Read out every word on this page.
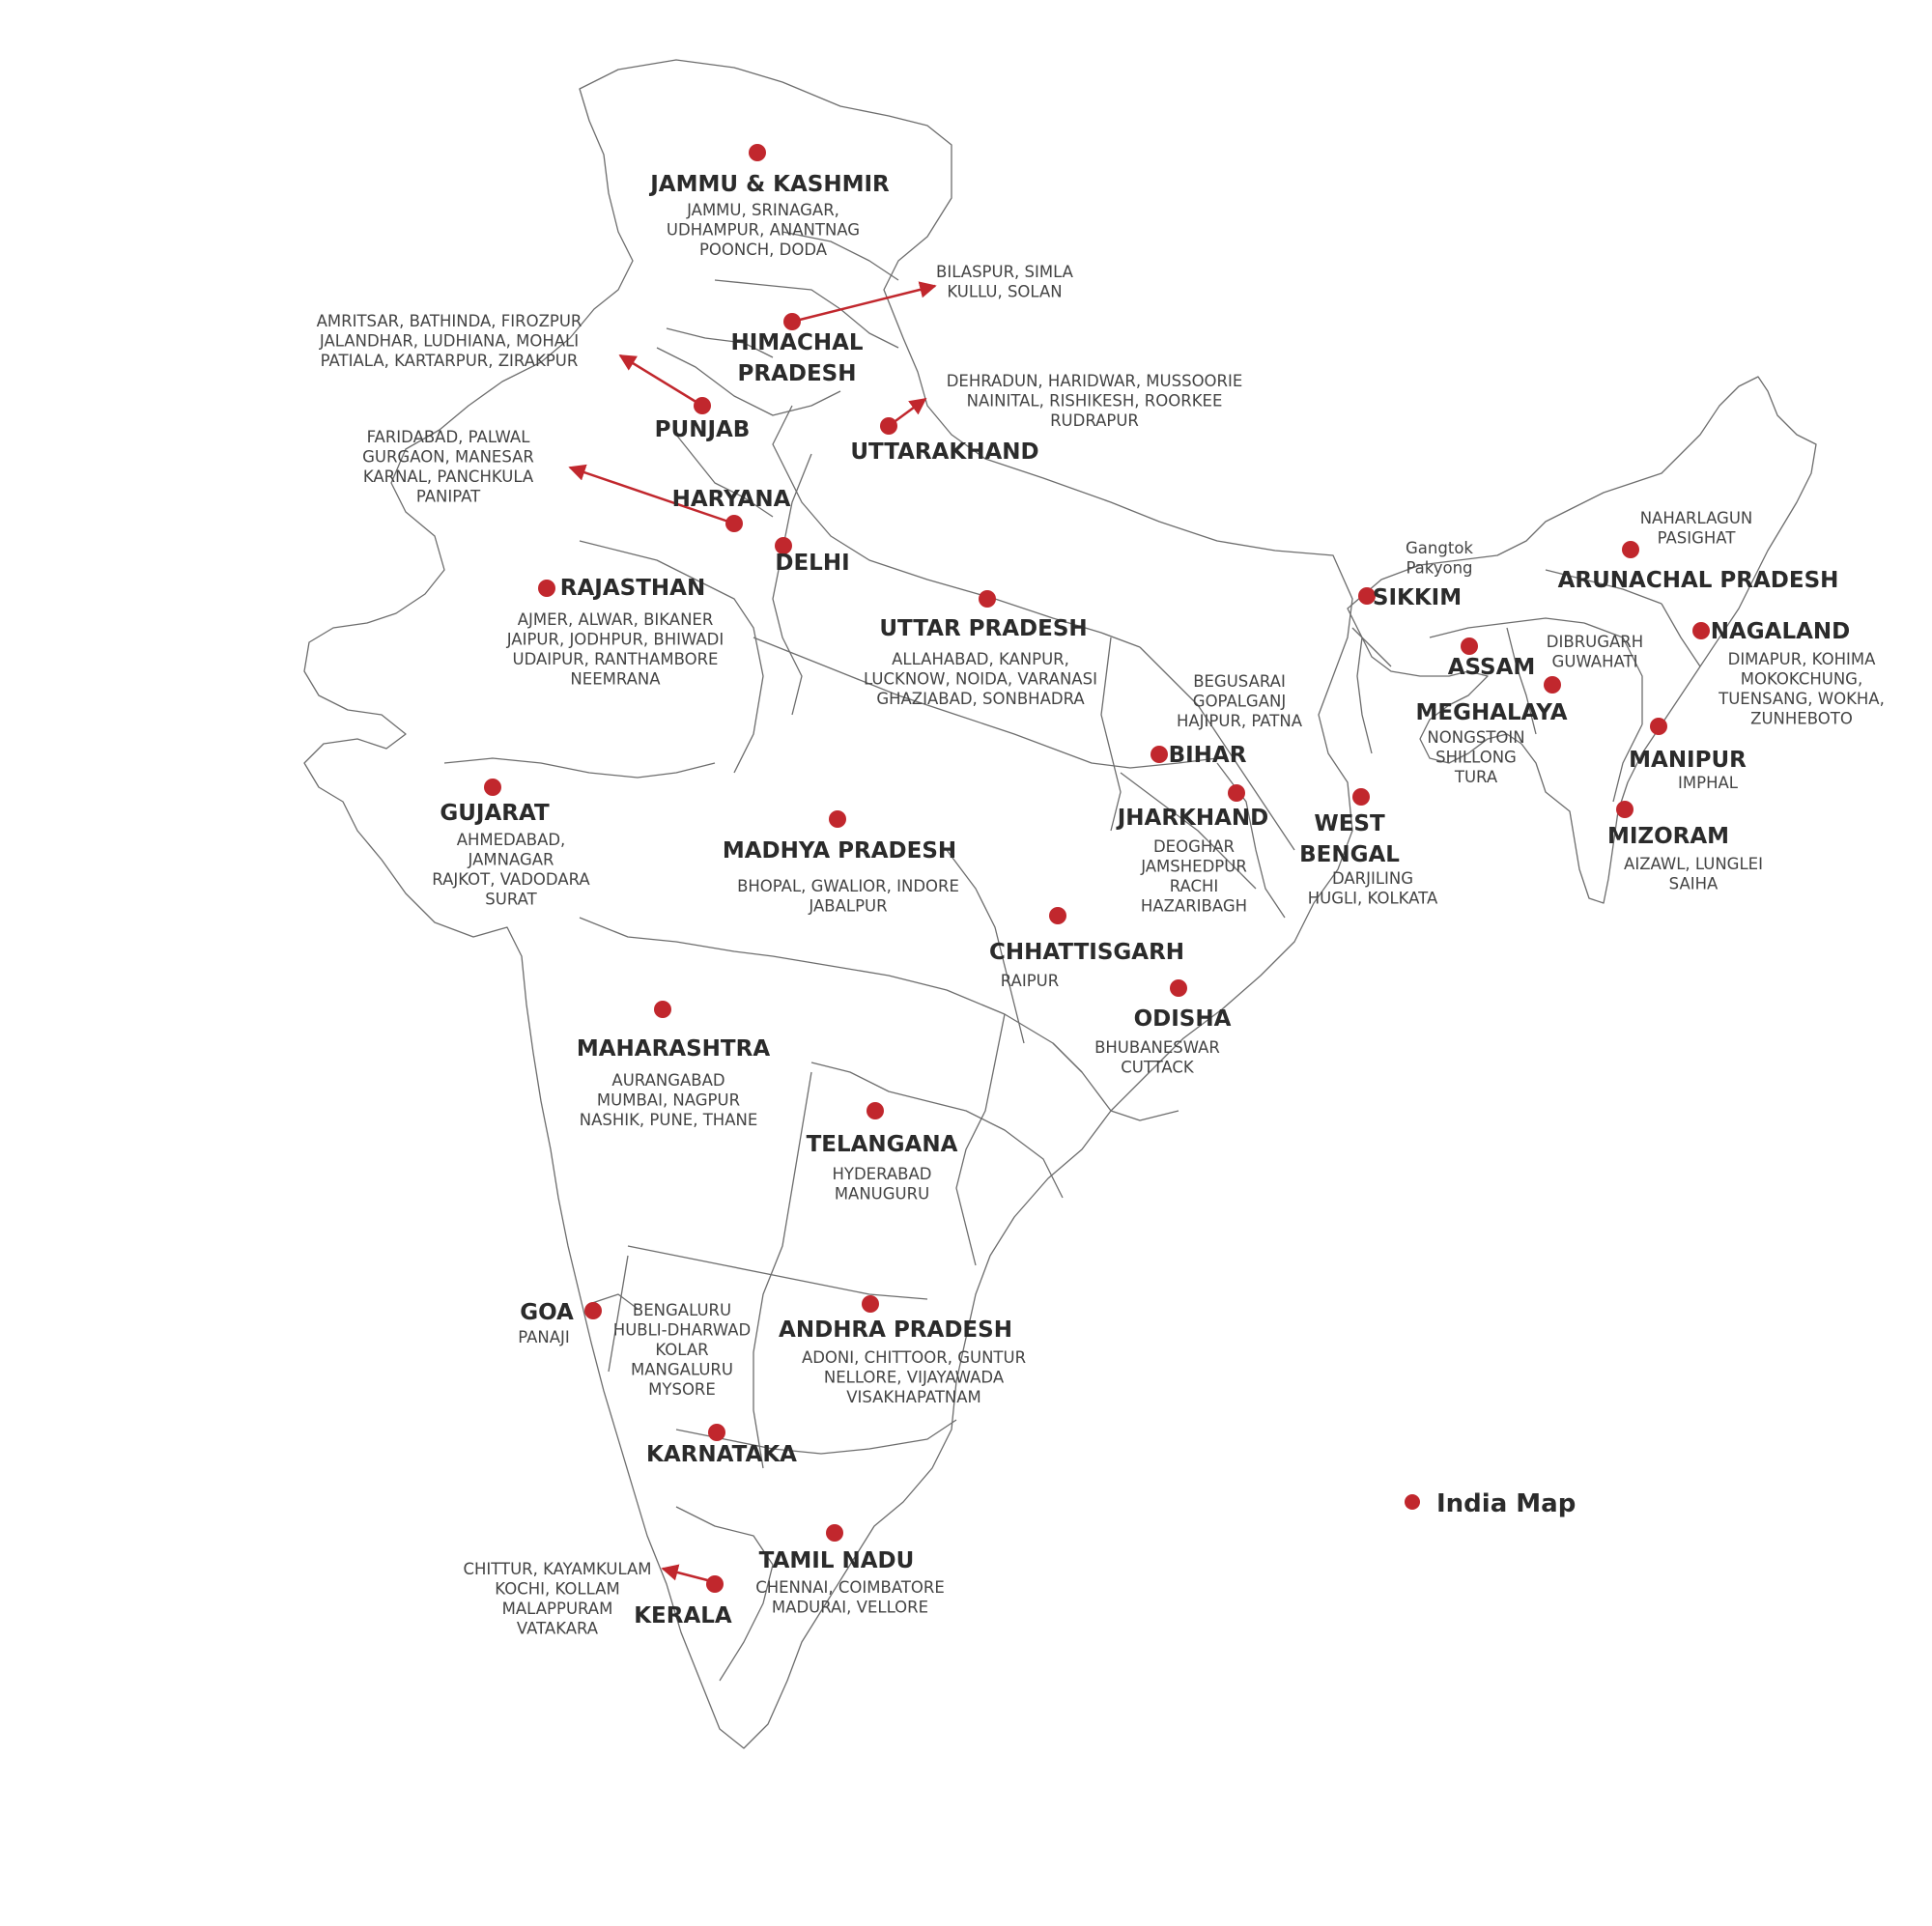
JAMMU & KASHMIR
HIMACHAL
PRADESH
PUNJAB
UTTARAKHAND
HARYANA
DELHI
RAJASTHAN
UTTAR PRADESH
SIKKIM
ARUNACHAL PRADESH
NAGALAND
ASSAM
MEGHALAYA
MANIPUR
MIZORAM
BIHAR
JHARKHAND WEST
BENGAL
GUJARAT
MADHYA PRADESH
CHHATTISGARH
ODISHA
MAHARASHTRA
TELANGANA
GOA
KARNATAKA
ANDHRA PRADESH
TAMIL NADU
KERALA
JAMMU, SRINAGAR,
UDHAMPUR, ANANTNAG
POONCH, DODA
BILASPUR, SIMLA
KULLU, SOLAN
AMRITSAR, BATHINDA, FIROZPUR
JALANDHAR, LUDHIANA, MOHALI
PATIALA, KARTARPUR, ZIRAKPUR
DEHRADUN, HARIDWAR, MUSSOORIE
NAINITAL, RISHIKESH, ROORKEE
RUDRAPUR
FARIDABAD, PALWAL
GURGAON, MANESAR
KARNAL, PANCHKULA
PANIPAT
AJMER, ALWAR, BIKANER
JAIPUR, JODHPUR, BHIWADI
UDAIPUR, RANTHAMBORE
NEEMRANA
ALLAHABAD, KANPUR,
LUCKNOW, NOIDA, VARANASI
GHAZIABAD, SONBHADRA
Gangtok
Pakyong
NAHARLAGUN
PASIGHAT
DIMAPUR, KOHIMA
MOKOKCHUNG,
TUENSANG, WOKHA,
ZUNHEBOTO
DIBRUGARH
GUWAHATI
NONGSTOIN
SHILLONG
TURA	IMPHAL
AIZAWL, LUNGLEI
SAIHA
BEGUSARAI
GOPALGANJ
HAJIPUR, PATNA
DEOGHAR
JAMSHEDPUR
RACHI
HAZARIBAGH
DARJILING
HUGLI, KOLKATA
AHMEDABAD,
JAMNAGAR
RAJKOT, VADODARA
SURAT
BHOPAL, GWALIOR, INDORE
JABALPUR
RAIPUR
BHUBANESWAR
CUTTACK
AURANGABAD
MUMBAI, NAGPUR
NASHIK, PUNE, THANE
HYDERABAD
MANUGURU
PANAJI
BENGALURU
HUBLI-DHARWAD
KOLAR
MANGALURU
MYSORE
ADONI, CHITTOOR, GUNTUR
NELLORE, VIJAYAWADA
VISAKHAPATNAM
CHENNAI, COIMBATORE
MADURAI, VELLORE
CHITTUR, KAYAMKULAM
KOCHI, KOLLAM
MALAPPURAM
VATAKARA
India Map
